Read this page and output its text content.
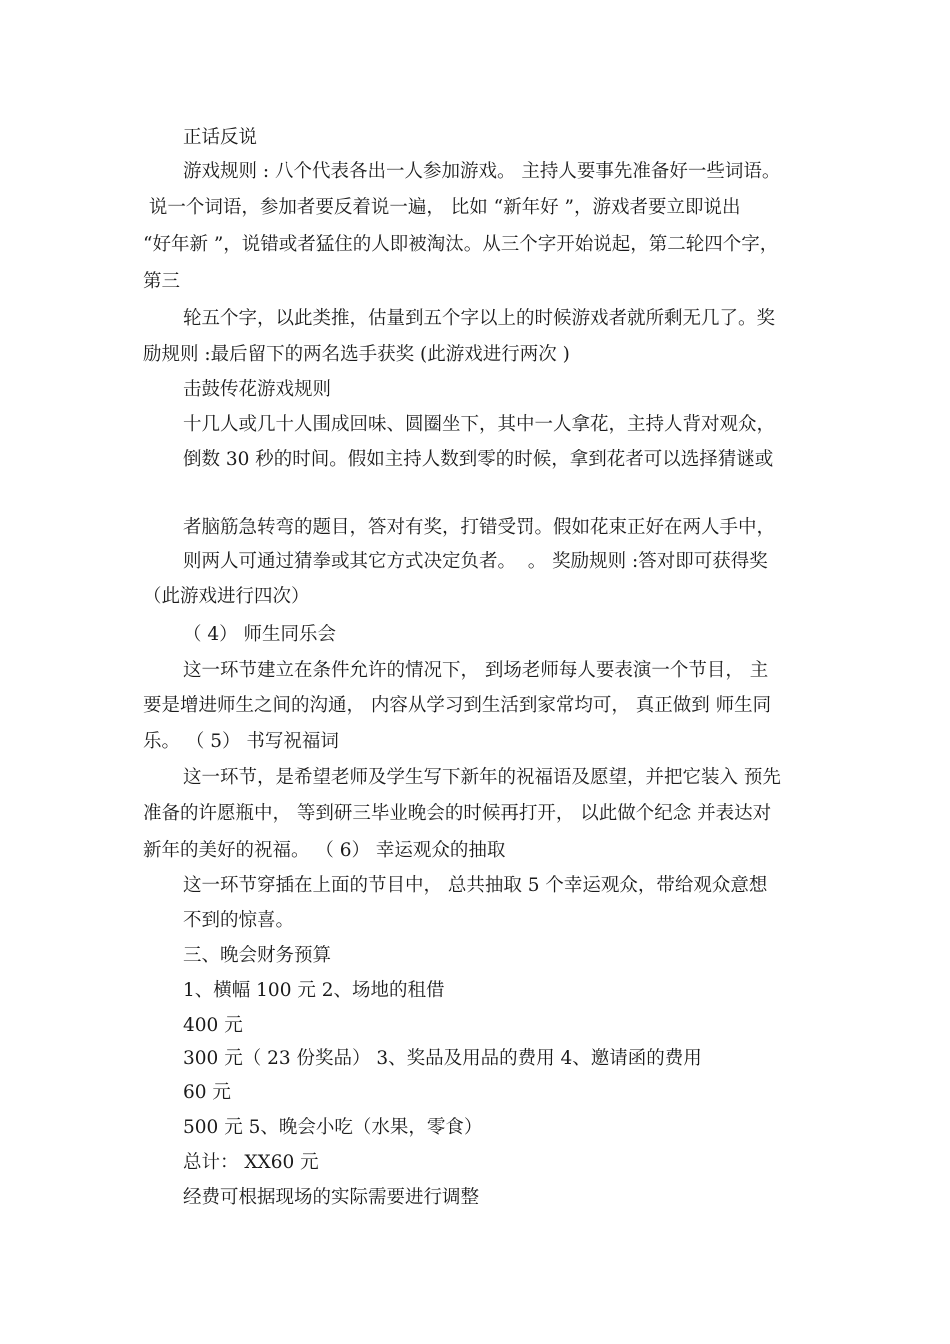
正话反说
游戏规则 : 八个代表各出一人参加游戏。 主持人要事先准备好一些词语。
说一个词语，参加者要反着说一遍， 比如 “新年好 ”，游戏者要立即说出
“好年新 ”，说错或者猛住的人即被淘汰。从三个字开始说起，第二轮四个字，
第三
轮五个字，以此类推，估量到五个字以上的时候游戏者就所剩无几了。奖
励规则 :最后留下的两名选手获奖 (此游戏进行两次 )
击鼓传花游戏规则
十几人或几十人围成回味、圆圈坐下，其中一人拿花，主持人背对观众，
倒数 30 秒的时间。假如主持人数到零的时候，拿到花者可以选择猜谜或
者脑筋急转弯的题目，答对有奖，打错受罚。假如花束正好在两人手中，
则两人可通过猜拳或其它方式决定负者。  。 奖励规则 :答对即可获得奖
（此游戏进行四次）
（ 4） 师生同乐会
这一环节建立在条件允许的情况下， 到场老师每人要表演一个节目， 主
要是增进师生之间的沟通， 内容从学习到生活到家常均可， 真正做到 师生同
乐。 （ 5） 书写祝福词
这一环节，是希望老师及学生写下新年的祝福语及愿望，并把它装入 预先
准备的许愿瓶中， 等到研三毕业晚会的时候再打开， 以此做个纪念 并表达对
新年的美好的祝福。 （ 6） 幸运观众的抽取
这一环节穿插在上面的节目中， 总共抽取 5 个幸运观众，带给观众意想
不到的惊喜。
三、晚会财务预算
1、横幅 100 元 2、场地的租借
400 元
300 元（ 23 份奖品） 3、奖品及用品的费用 4、邀请函的费用
60 元
500 元 5、晚会小吃（水果，零食）
总计： XX60 元
经费可根据现场的实际需要进行调整
